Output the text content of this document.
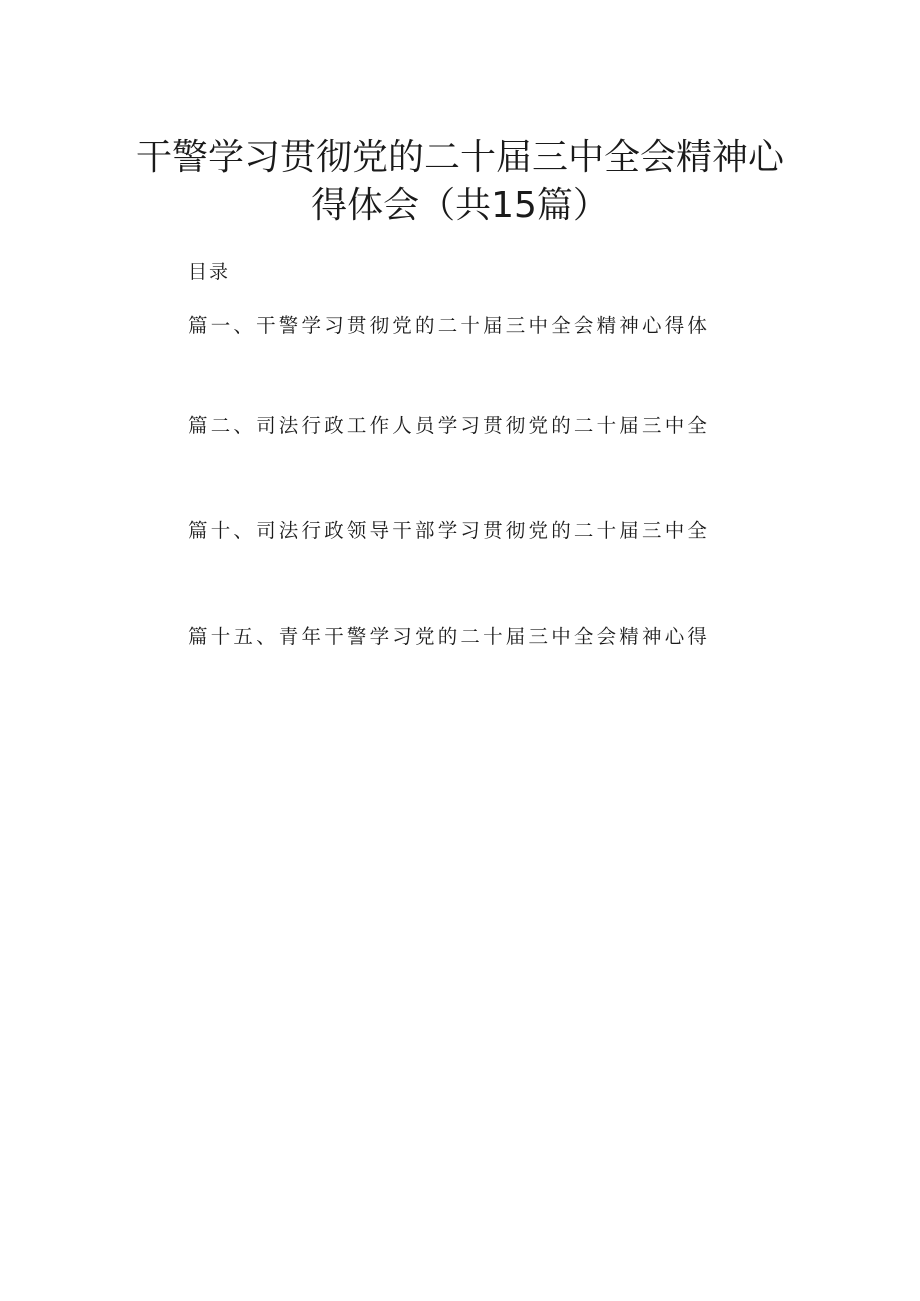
干警学习贯彻党的二十届三中全会精神心
得体会（共15篇）
目录
篇一、干警学习贯彻党的二十届三中全会精神心得体
篇二、司法行政工作人员学习贯彻党的二十届三中全
篇十、司法行政领导干部学习贯彻党的二十届三中全
篇十五、青年干警学习党的二十届三中全会精神心得
